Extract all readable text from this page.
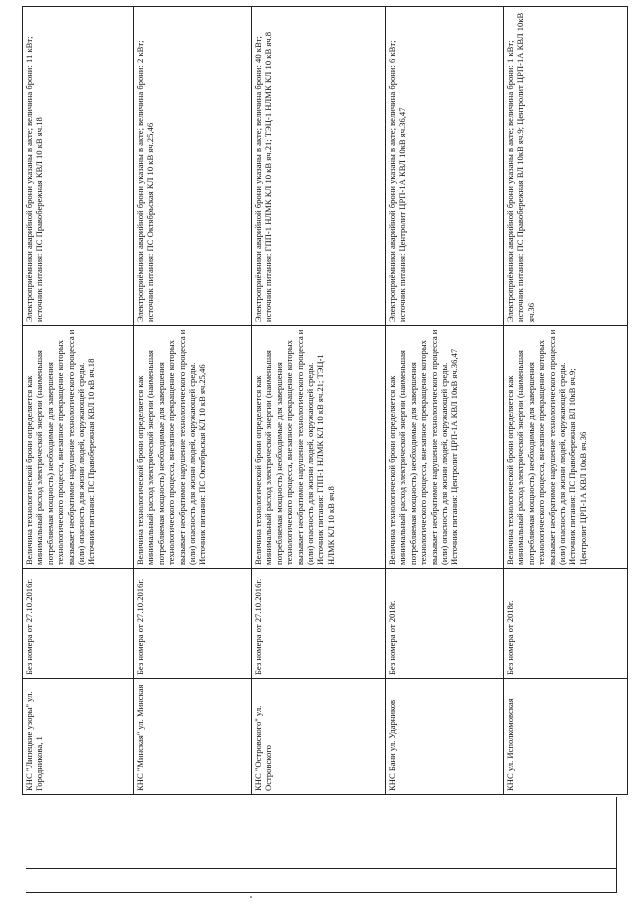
КНС "Липецкие узоры" ул. Городникова, 1	Без номера от 27.10.2016г.	Величина технологической брони определяется как минимальный расход электрической энергии (наименьшая потребляемая мощность) необходимые для завершения технологического процесса, внезапное прекращение которых вызывает необратимое нарушение технологического процесса и (или) опасность для жизни людей, окружающей среды. Источник питания: ПС Правобережная КВЛ 10 кВ яч.18	Электроприёмники аварийной брони указаны в акте; величина брони: 11 кВт; источник питания: ПС Правобережная КВЛ 10 кВ яч.18
КНС "Минская" ул. Минская	Без номера от 27.10.2016г.	Величина технологической брони определяется как минимальный расход электрической энергии (наименьшая потребляемая мощность) необходимые для завершения технологического процесса, внезапное прекращение которых вызывает необратимое нарушение технологического процесса и (или) опасность для жизни людей, окружающей среды. Источник питания: ПС Октябрьская КЛ 10 кВ яч.25,46	Электроприёмники аварийной брони указаны в акте; величина брони: 2 кВт; источник питания: ПС Октябрьская КЛ 10 кВ яч.25,46
КНС "Островского" ул. Островского	Без номера от 27.10.2016г.	Величина технологической брони определяется как минимальный расход электрической энергии (наименьшая потребляемая мощность) необходимые для завершения технологического процесса, внезапное прекращение которых вызывает необратимое нарушение технологического процесса и (или) опасность для жизни людей, окружающей среды. Источник питания: ГПП-1 НЛМК КЛ 10 кВ яч.21; ТЭЦ-1 НЛМК КЛ 10 кВ яч.8	Электроприёмники аварийной брони указаны в акте; величина брони: 40 кВт; источник питания: ГПП-1 НЛМК КЛ 10 кВ яч.21; ТЭЦ-1 НЛМК КЛ 10 кВ яч.8
КНС Бани ул. Ударников	Без номера от 2018г.	Величина технологической брони определяется как минимальный расход электрической энергии (наименьшая потребляемая мощность) необходимые для завершения технологического процесса, внезапное прекращение которых вызывает необратимое нарушение технологического процесса и (или) опасность для жизни людей, окружающей среды. Источник питания: Центролит ЦРП-1А КВЛ 10кВ яч.36,47	Электроприёмники аварийной брони указаны в акте; величина брони: 6 кВт; источник питания: Центролит ЦРП-1А КВЛ 10кВ яч.36,47
КНС ул. Исполкомовская	Без номера от 2018г.	Величина технологической брони определяется как минимальный расход электрической энергии (наименьшая потребляемая мощность) необходимые для завершения технологического процесса, внезапное прекращение которых вызывает необратимое нарушение технологического процесса и (или) опасность для жизни людей, окружающей среды. Источник питания: ПС Правобережная ВЛ 10кВ яч.9; Центролит ЦРП-1А КВЛ 10кВ яч.36	Электроприёмники аварийной брони указаны в акте; величина брони: 1 кВт; источник питания: ПС Правобережная ВЛ 10кВ яч.9; Центролит ЦРП-1А КВЛ 10кВ яч.36
